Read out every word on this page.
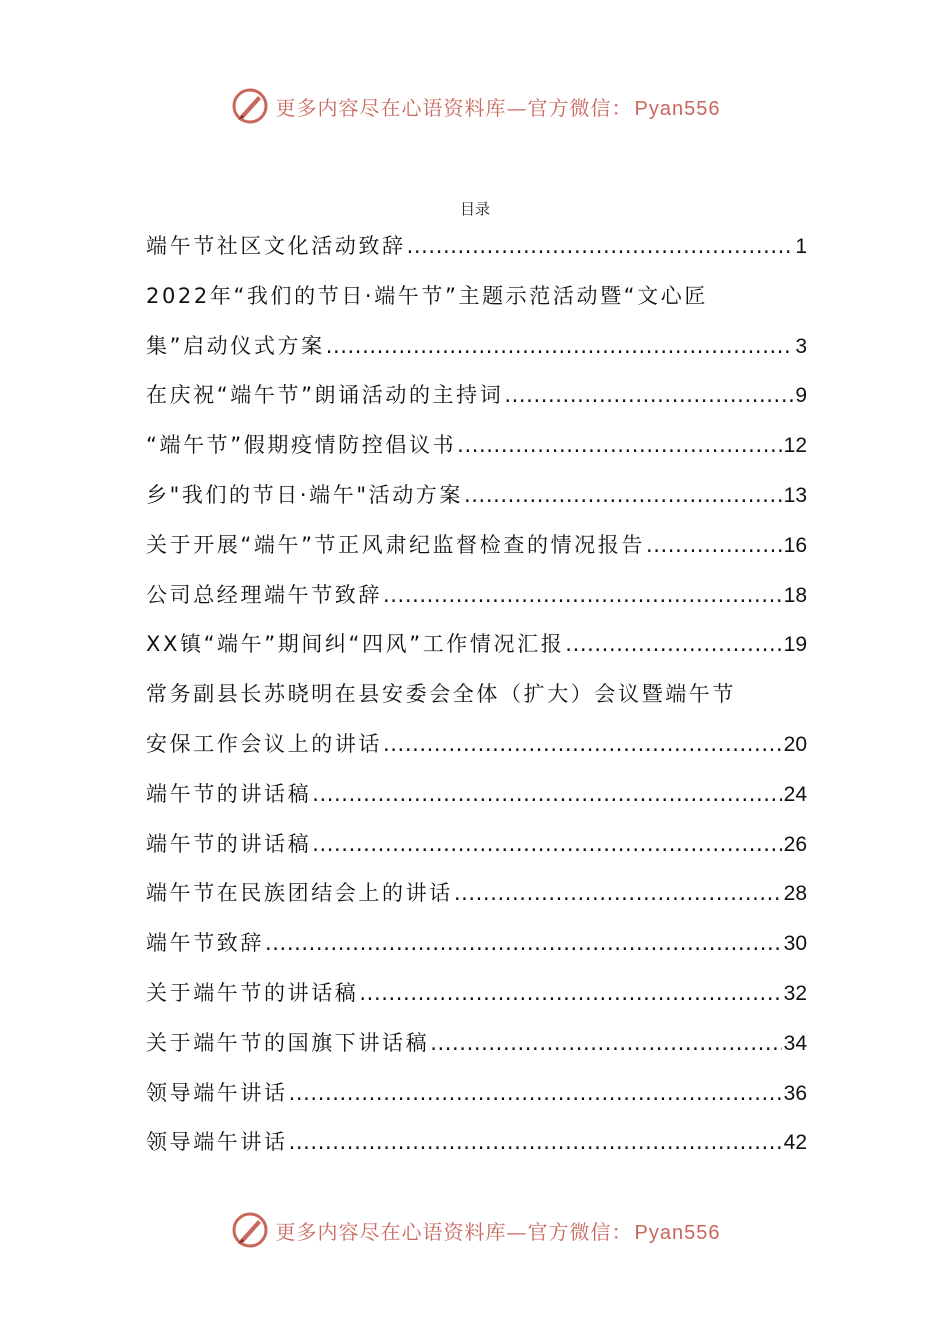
更多内容尽在心语资料库—官方微信： Pyan556
目录
端午节社区文化活动致辞 .....	1
2022年“我们的节日·端午节”主题示范活动暨“文心匠
集”启动仪式方案 .....	3
在庆祝“端午节”朗诵活动的主持词 .....	9
“端午节”假期疫情防控倡议书 .....	12
乡"我们的节日·端午"活动方案 .....	13
关于开展“端午”节正风肃纪监督检查的情况报告 .....	16
公司总经理端午节致辞 .....	18
XX镇“端午”期间纠“四风”工作情况汇报 .....	19
常务副县长苏晓明在县安委会全体（扩大）会议暨端午节
安保工作会议上的讲话 .....	20
端午节的讲话稿 .....	24
端午节的讲话稿 .....	26
端午节在民族团结会上的讲话 .....	28
端午节致辞 .....	30
关于端午节的讲话稿 .....	32
关于端午节的国旗下讲话稿 .....	34
领导端午讲话 .....	36
领导端午讲话 .....	42
更多内容尽在心语资料库—官方微信： Pyan556
